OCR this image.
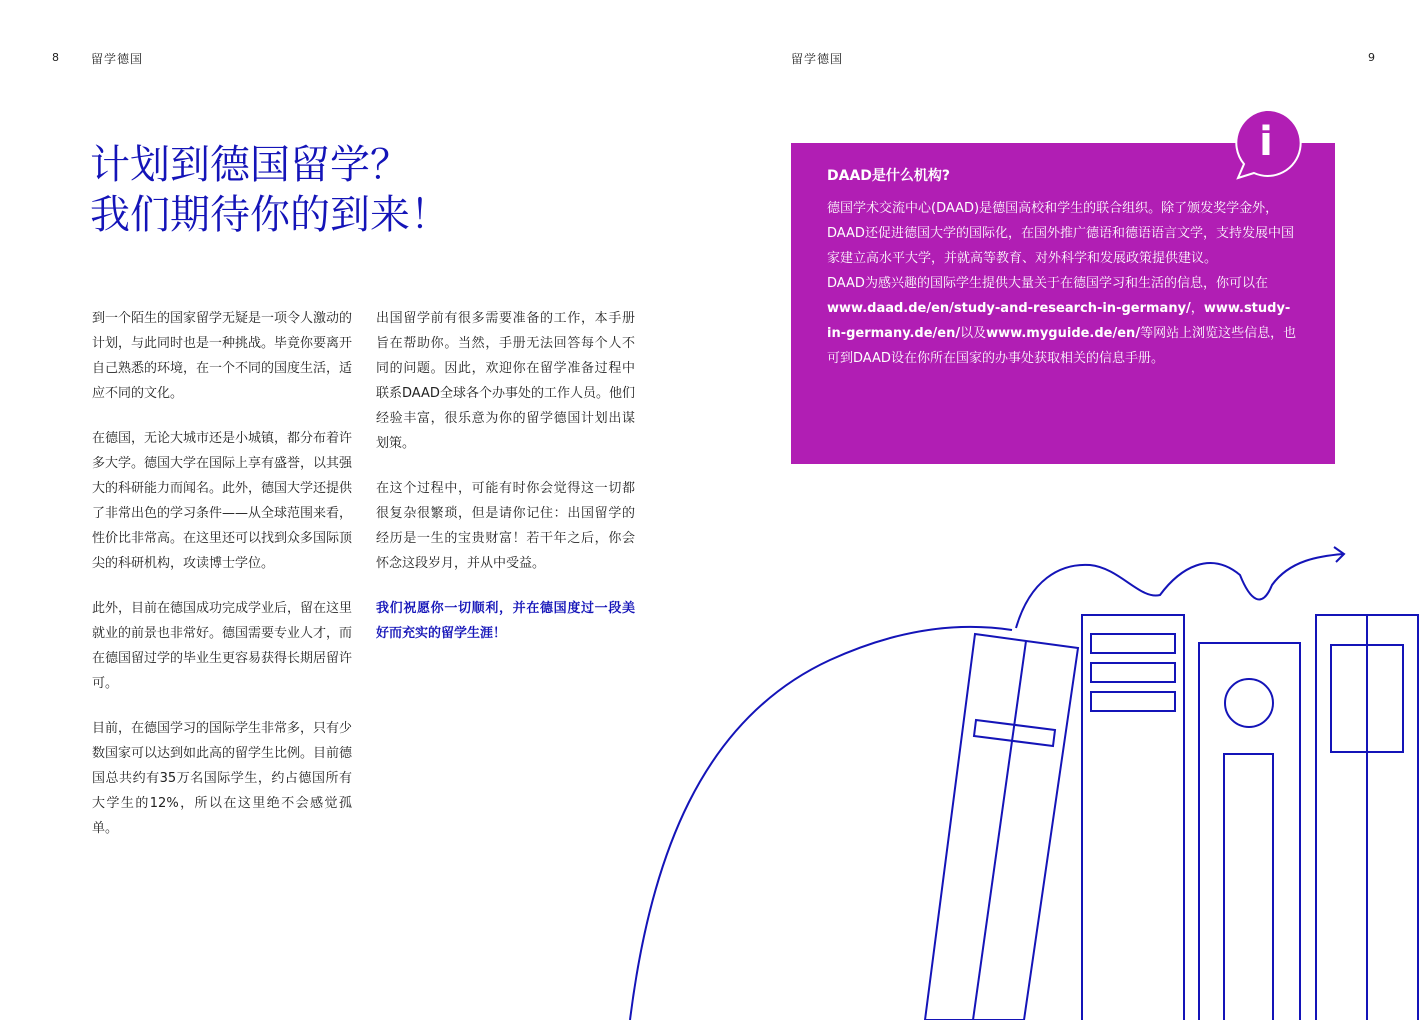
8	留学德国	留学德国	9
计划到德国留学？
我们期待你的到来！

到一个陌生的国家留学无疑是一项令人激动的计划，与此同时也是一种挑战。毕竟你要离开自己熟悉的环境，在一个不同的国度生活，适应不同的文化。

在德国，无论大城市还是小城镇，都分布着许多大学。德国大学在国际上享有盛誉，以其强大的科研能力而闻名。此外，德国大学还提供了非常出色的学习条件——从全球范围来看，性价比非常高。在这里还可以找到众多国际顶尖的科研机构，攻读博士学位。

此外，目前在德国成功完成学业后，留在这里就业的前景也非常好。德国需要专业人才，而在德国留过学的毕业生更容易获得长期居留许可。

目前，在德国学习的国际学生非常多，只有少数国家可以达到如此高的留学生比例。目前德国总共约有35万名国际学生，约占德国所有大学生的12%，所以在这里绝不会感觉孤单。

出国留学前有很多需要准备的工作，本手册旨在帮助你。当然，手册无法回答每个人不同的问题。因此，欢迎你在留学准备过程中联系DAAD全球各个办事处的工作人员。他们经验丰富，很乐意为你的留学德国计划出谋划策。

在这个过程中，可能有时你会觉得这一切都很复杂很繁琐，但是请你记住：出国留学的经历是一生的宝贵财富！若干年之后，你会怀念这段岁月，并从中受益。

我们祝愿你一切顺利，并在德国度过一段美好而充实的留学生涯！

DAAD是什么机构?

德国学术交流中心(DAAD)是德国高校和学生的联合组织。除了颁发奖学金外，DAAD还促进德国大学的国际化，在国外推广德语和德语语言文学，支持发展中国家建立高水平大学，并就高等教育、对外科学和发展政策提供建议。

DAAD为感兴趣的国际学生提供大量关于在德国学习和生活的信息，你可以在www.daad.de/en/study-and-research-in-germany/，www.study-in-germany.de/en/以及www.myguide.de/en/等网站上浏览这些信息，也可到DAAD设在你所在国家的办事处获取相关的信息手册。

i
